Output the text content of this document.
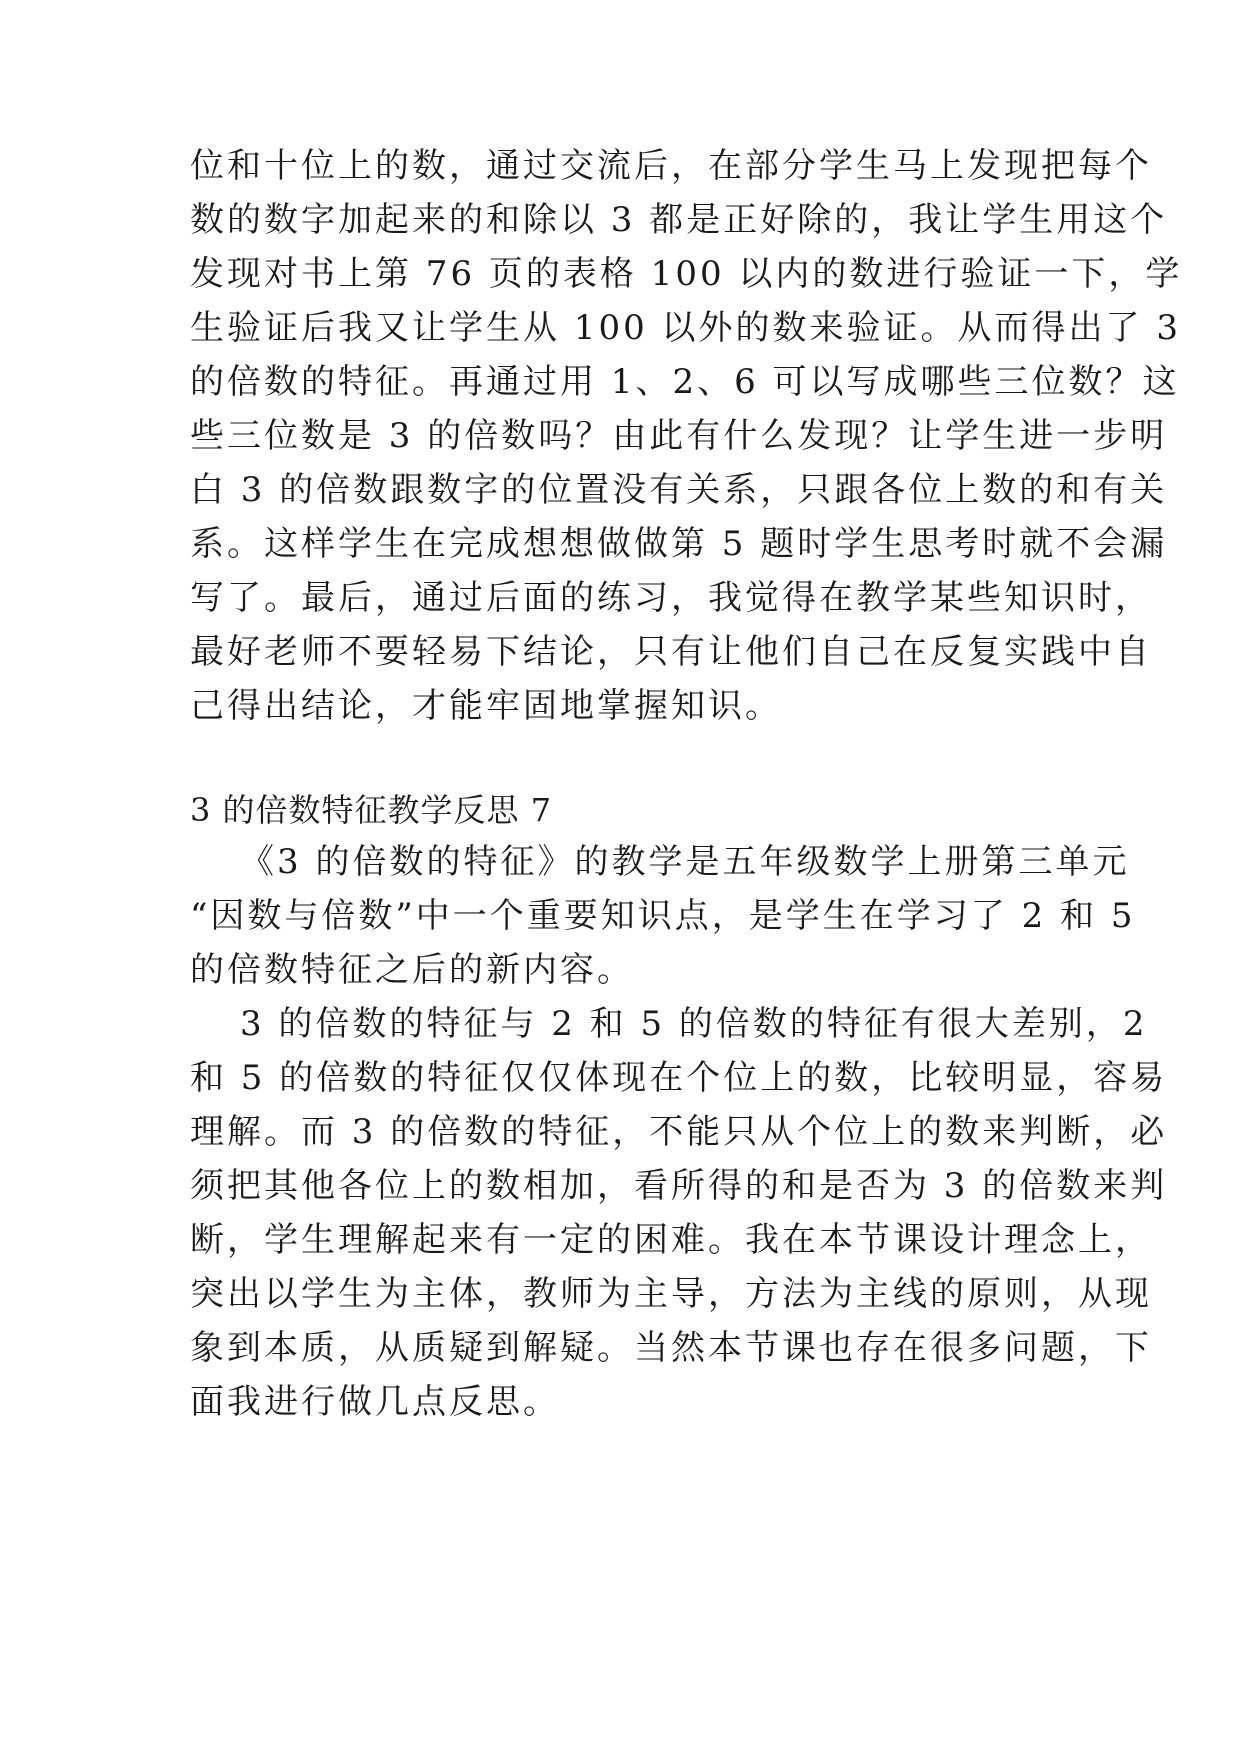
位和十位上的数，通过交流后，在部分学生马上发现把每个
数的数字加起来的和除以 3 都是正好除的，我让学生用这个
发现对书上第 76 页的表格 100 以内的数进行验证一下，学
生验证后我又让学生从 100 以外的数来验证。从而得出了 3
的倍数的特征。再通过用 1、2、6 可以写成哪些三位数？这
些三位数是 3 的倍数吗？由此有什么发现？让学生进一步明
白 3 的倍数跟数字的位置没有关系，只跟各位上数的和有关
系。这样学生在完成想想做做第 5 题时学生思考时就不会漏
写了。最后，通过后面的练习，我觉得在教学某些知识时，
最好老师不要轻易下结论，只有让他们自己在反复实践中自
己得出结论，才能牢固地掌握知识。
3 的倍数特征教学反思 7
《3 的倍数的特征》的教学是五年级数学上册第三单元
“因数与倍数”中一个重要知识点，是学生在学习了 2 和 5
的倍数特征之后的新内容。
3 的倍数的特征与 2 和 5 的倍数的特征有很大差别，2
和 5 的倍数的特征仅仅体现在个位上的数，比较明显，容易
理解。而 3 的倍数的特征，不能只从个位上的数来判断，必
须把其他各位上的数相加，看所得的和是否为 3 的倍数来判
断，学生理解起来有一定的困难。我在本节课设计理念上，
突出以学生为主体，教师为主导，方法为主线的原则，从现
象到本质，从质疑到解疑。当然本节课也存在很多问题，下
面我进行做几点反思。
